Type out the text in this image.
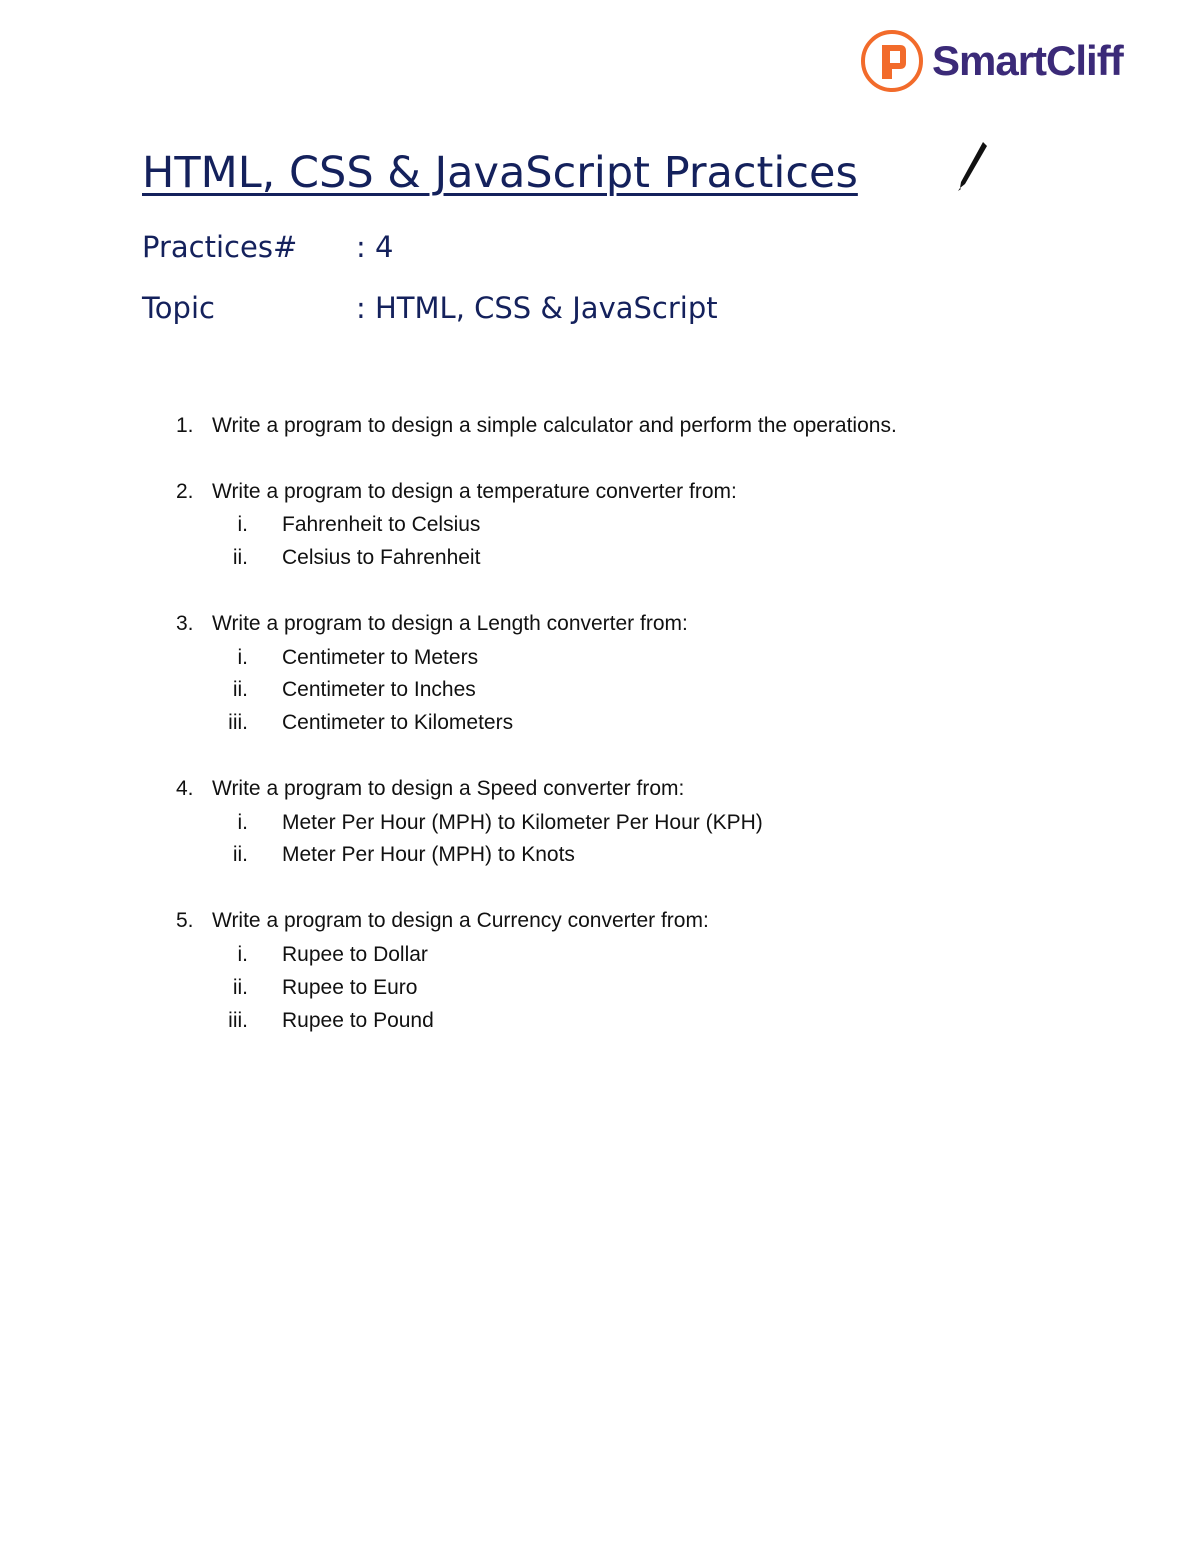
SmartCliff
HTML, CSS & JavaScript Practices
Practices# : 4
Topic	: HTML, CSS & JavaScript
1. Write a program to design a simple calculator and perform the operations.
2. Write a program to design a temperature converter from:
i. Fahrenheit to Celsius
ii. Celsius to Fahrenheit
3. Write a program to design a Length converter from:
i. Centimeter to Meters
ii. Centimeter to Inches
iii. Centimeter to Kilometers
4. Write a program to design a Speed converter from:
i. Meter Per Hour (MPH) to Kilometer Per Hour (KPH)
ii. Meter Per Hour (MPH) to Knots
5. Write a program to design a Currency converter from:
i. Rupee to Dollar
ii. Rupee to Euro
iii. Rupee to Pound
